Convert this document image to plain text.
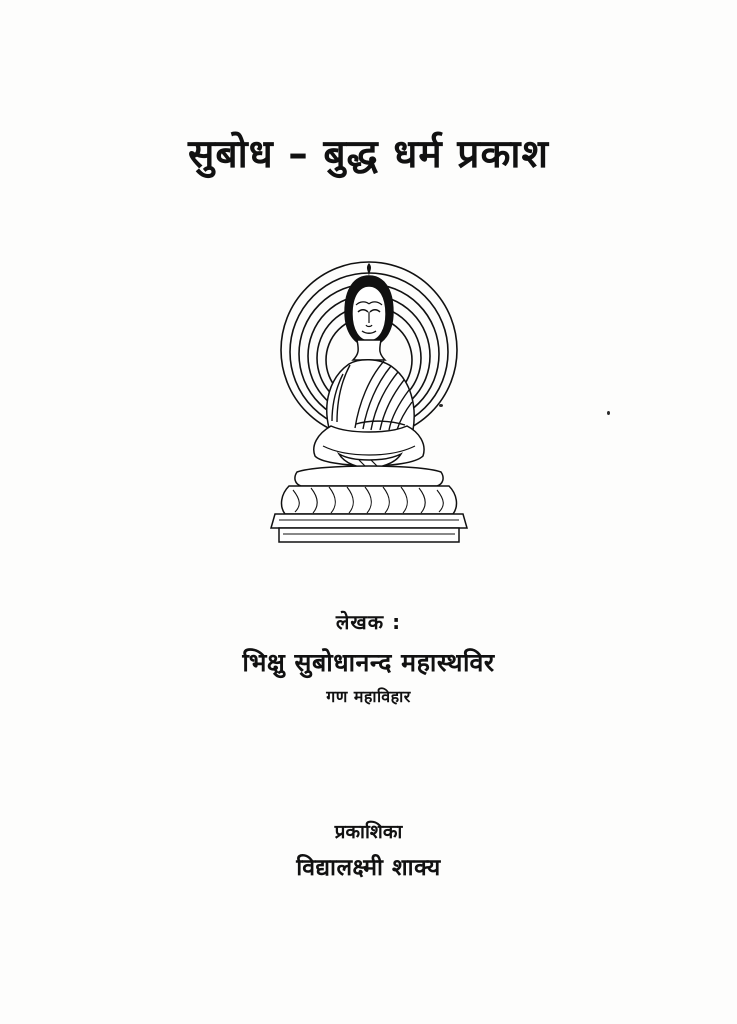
सुबोध – बुद्ध धर्म प्रकाश
लेखक :
भिक्षु सुबोधानन्द महास्थविर
गण महाविहार
प्रकाशिका
विद्यालक्ष्मी शाक्य
